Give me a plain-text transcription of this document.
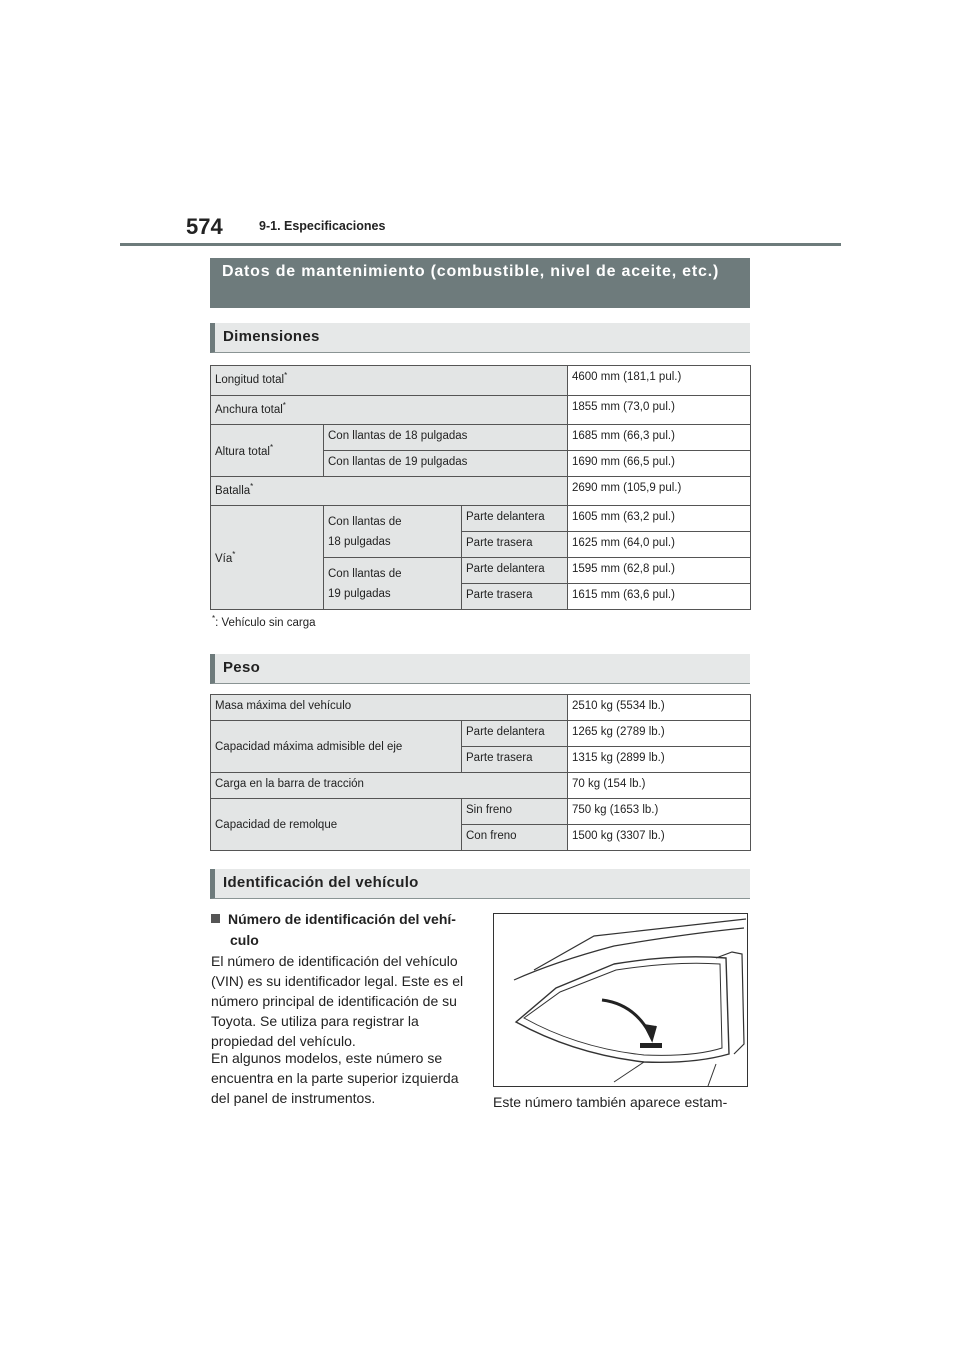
574	9-1. Especificaciones
Datos de mantenimiento (combustible, nivel de aceite, etc.)
Dimensiones
Longitud total*			4600 mm (181,1 pul.)
Anchura total*			1855 mm (73,0 pul.)
Altura total*	Con llantas de 18 pulgadas		1685 mm (66,3 pul.)
	Con llantas de 19 pulgadas		1690 mm (66,5 pul.)
Batalla*			2690 mm (105,9 pul.)
Vía*	Con llantas de
18 pulgadas	Parte delantera	1605 mm (63,2 pul.)
		Parte trasera	1625 mm (64,0 pul.)
	Con llantas de
19 pulgadas	Parte delantera	1595 mm (62,8 pul.)
		Parte trasera	1615 mm (63,6 pul.)
*: Vehículo sin carga
Peso
Masa máxima del vehículo		2510 kg (5534 lb.)
Capacidad máxima admisible del eje	Parte delantera	1265 kg (2789 lb.)
	Parte trasera	1315 kg (2899 lb.)
Carga en la barra de tracción		70 kg (154 lb.)
Capacidad de remolque	Sin freno	750 kg (1653 lb.)
	Con freno	1500 kg (3307 lb.)
Identificación del vehículo
Número de identificación del vehí-
culo
El número de identificación del vehículo (VIN) es su identificador legal. Este es el número principal de identificación de su Toyota. Se utiliza para registrar la propiedad del vehículo.
En algunos modelos, este número se encuentra en la parte superior izquierda del panel de instrumentos.	Este número también aparece estam-
